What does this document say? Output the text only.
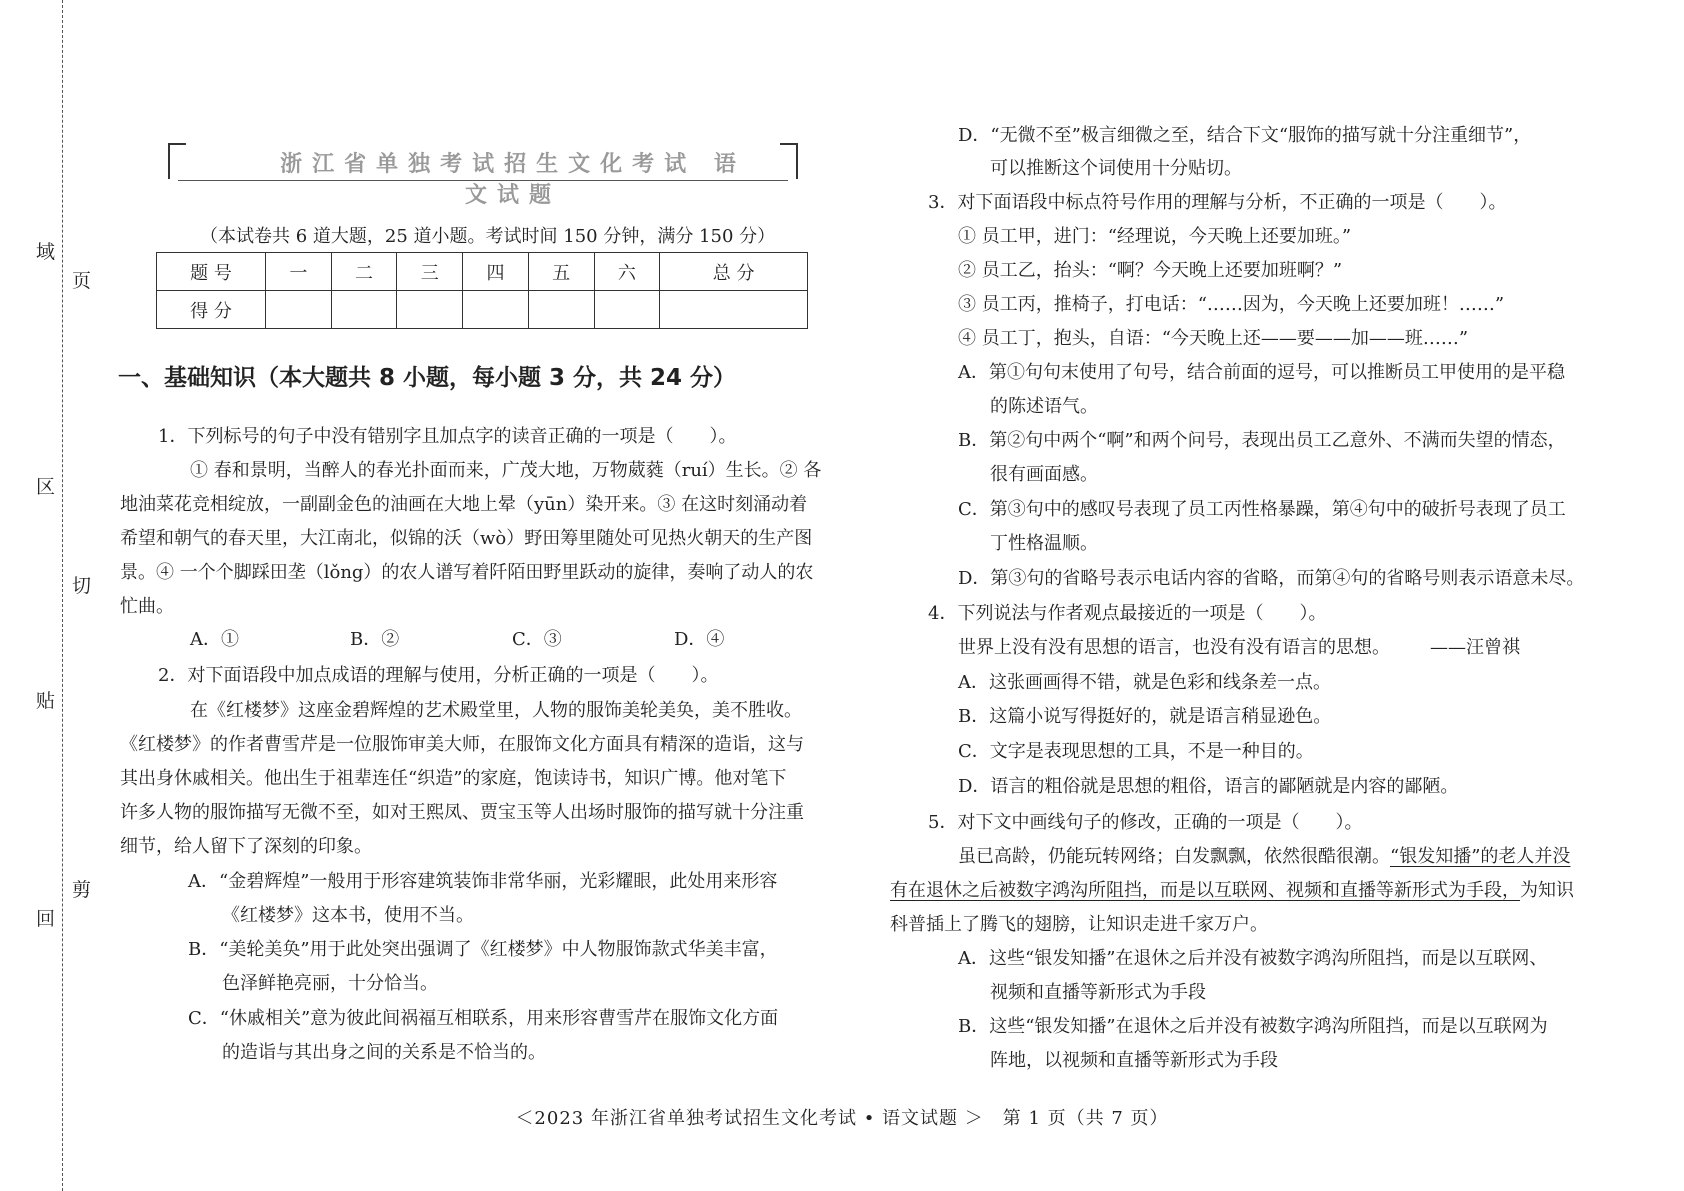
域
页
区
切
贴
剪
回
浙江省单独考试招生文化考试 语文试题
（本试卷共 6 道大题，25 道小题。考试时间 150 分钟，满分 150 分）
题 号	一	二	三	四	五	六	总 分
得 分							
一、基础知识（本大题共 8 小题，每小题 3 分，共 24 分）
1．下列标号的句子中没有错别字且加点字的读音正确的一项是（　　）。
① 春和景明，当醉人的春光扑面而来，广茂大地，万物葳蕤（ruí）生长。② 各
地油菜花竞相绽放，一副副金色的油画在大地上晕（yūn）染开来。③ 在这时刻涌动着
希望和朝气的春天里，大江南北，似锦的沃（wò）野田筹里随处可见热火朝天的生产图
景。④ 一个个脚踩田垄（lǒng）的农人谱写着阡陌田野里跃动的旋律，奏响了动人的农
忙曲。
A．①	B．②	C．③	D．④
2．对下面语段中加点成语的理解与使用，分析正确的一项是（　　）。
在《红楼梦》这座金碧辉煌的艺术殿堂里，人物的服饰美轮美奂，美不胜收。
《红楼梦》的作者曹雪芹是一位服饰审美大师，在服饰文化方面具有精深的造诣，这与
其出身休戚相关。他出生于祖辈连任“织造”的家庭，饱读诗书，知识广博。他对笔下
许多人物的服饰描写无微不至，如对王熙凤、贾宝玉等人出场时服饰的描写就十分注重
细节，给人留下了深刻的印象。
A．“金碧辉煌”一般用于形容建筑装饰非常华丽，光彩耀眼，此处用来形容
《红楼梦》这本书，使用不当。
B．“美轮美奂”用于此处突出强调了《红楼梦》中人物服饰款式华美丰富，
色泽鲜艳亮丽，十分恰当。
C．“休戚相关”意为彼此间祸福互相联系，用来形容曹雪芹在服饰文化方面
的造诣与其出身之间的关系是不恰当的。
D．“无微不至”极言细微之至，结合下文“服饰的描写就十分注重细节”，
可以推断这个词使用十分贴切。
3．对下面语段中标点符号作用的理解与分析，不正确的一项是（　　）。
① 员工甲，进门：“经理说，今天晚上还要加班。”
② 员工乙，抬头：“啊？今天晚上还要加班啊？”
③ 员工丙，推椅子，打电话：“……因为，今天晚上还要加班！……”
④ 员工丁，抱头，自语：“今天晚上还——要——加——班……”
A．第①句句末使用了句号，结合前面的逗号，可以推断员工甲使用的是平稳
的陈述语气。
B．第②句中两个“啊”和两个问号，表现出员工乙意外、不满而失望的情态，
很有画面感。
C．第③句中的感叹号表现了员工丙性格暴躁，第④句中的破折号表现了员工
丁性格温顺。
D．第③句的省略号表示电话内容的省略，而第④句的省略号则表示语意未尽。
4．下列说法与作者观点最接近的一项是（　　）。
世界上没有没有思想的语言，也没有没有语言的思想。 ——汪曾祺
A．这张画画得不错，就是色彩和线条差一点。
B．这篇小说写得挺好的，就是语言稍显逊色。
C．文字是表现思想的工具，不是一种目的。
D．语言的粗俗就是思想的粗俗，语言的鄙陋就是内容的鄙陋。
5．对下文中画线句子的修改，正确的一项是（　　）。
虽已高龄，仍能玩转网络；白发飘飘，依然很酷很潮。“银发知播”的老人并没
有在退休之后被数字鸿沟所阻挡，而是以互联网、视频和直播等新形式为手段，为知识
科普插上了腾飞的翅膀，让知识走进千家万户。
A．这些“银发知播”在退休之后并没有被数字鸿沟所阻挡，而是以互联网、
视频和直播等新形式为手段
B．这些“银发知播”在退休之后并没有被数字鸿沟所阻挡，而是以互联网为
阵地，以视频和直播等新形式为手段
＜2023 年浙江省单独考试招生文化考试 • 语文试题 ＞　第 1 页（共 7 页）
